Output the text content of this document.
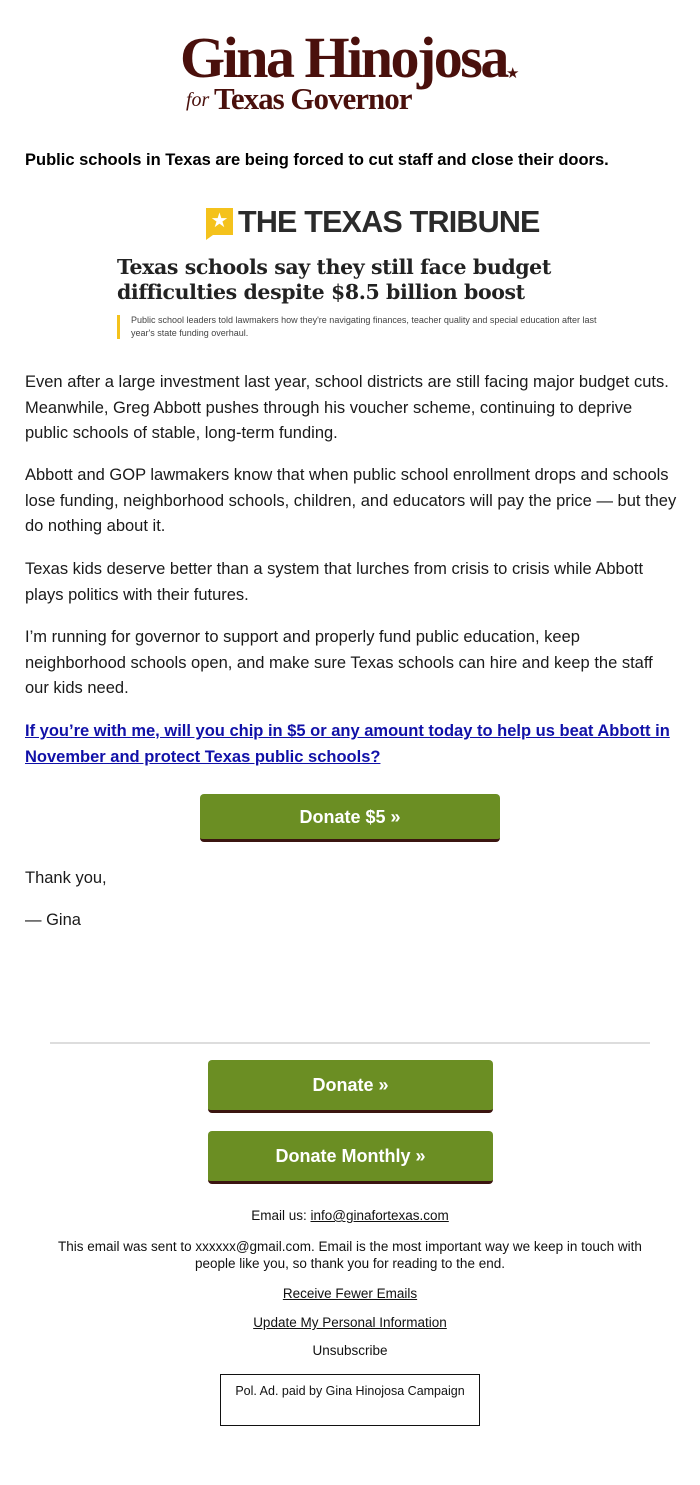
Gina Hinojosa ★
for Texas Governor
Public schools in Texas are being forced to cut staff and close their doors.
★ THE TEXAS TRIBUNE
Texas schools say they still face budget difficulties despite $8.5 billion boost
Public school leaders told lawmakers how they're navigating finances, teacher quality and special education after last year's state funding overhaul.
Even after a large investment last year, school districts are still facing major budget cuts. Meanwhile, Greg Abbott pushes through his voucher scheme, continuing to deprive public schools of stable, long-term funding.
Abbott and GOP lawmakers know that when public school enrollment drops and schools lose funding, neighborhood schools, children, and educators will pay the price — but they do nothing about it.
Texas kids deserve better than a system that lurches from crisis to crisis while Abbott plays politics with their futures.
I’m running for governor to support and properly fund public education, keep neighborhood schools open, and make sure Texas schools can hire and keep the staff our kids need.
If you’re with me, will you chip in $5 or any amount today to help us beat Abbott in November and protect Texas public schools?
Donate $5 »
Thank you,
— Gina
Donate »
Donate Monthly »
Email us: info@ginafortexas.com
This email was sent to xxxxxx@gmail.com. Email is the most important way we keep in touch with people like you, so thank you for reading to the end.
Receive Fewer Emails
Update My Personal Information
Unsubscribe
Pol. Ad. paid by Gina Hinojosa Campaign
